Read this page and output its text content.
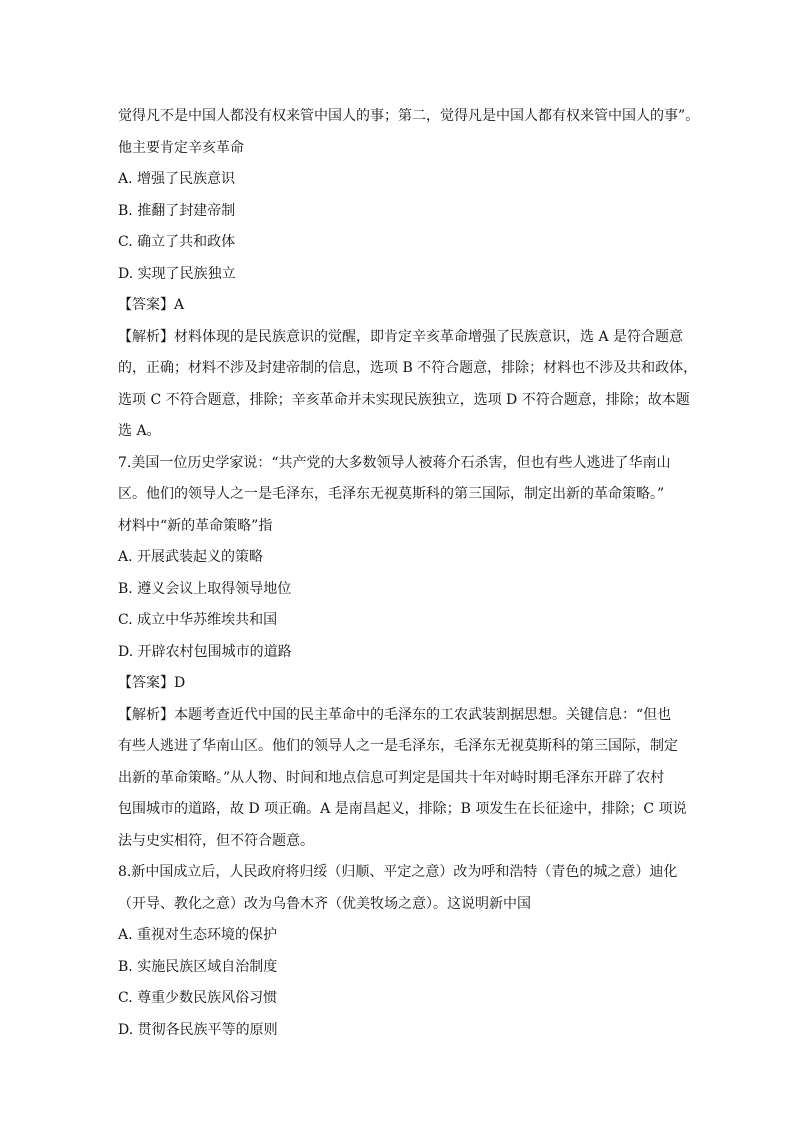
觉得凡不是中国人都没有权来管中国人的事；第二，觉得凡是中国人都有权来管中国人的事”。
他主要肯定辛亥革命
A. 增强了民族意识
B. 推翻了封建帝制
C. 确立了共和政体
D. 实现了民族独立
【答案】A
【解析】材料体现的是民族意识的觉醒，即肯定辛亥革命增强了民族意识，选 A 是符合题意
的，正确；材料不涉及封建帝制的信息，选项 B 不符合题意，排除；材料也不涉及共和政体，
选项 C 不符合题意，排除；辛亥革命并未实现民族独立，选项 D 不符合题意，排除；故本题
选 A。
7.美国一位历史学家说：“共产党的大多数领导人被蒋介石杀害，但也有些人逃进了华南山
区。他们的领导人之一是毛泽东，毛泽东无视莫斯科的第三国际，制定出新的革命策略。”
材料中“新的革命策略”指
A. 开展武装起义的策略
B. 遵义会议上取得领导地位
C. 成立中华苏维埃共和国
D. 开辟农村包围城市的道路
【答案】D
【解析】本题考查近代中国的民主革命中的毛泽东的工农武装割据思想。关键信息：“但也
有些人逃进了华南山区。他们的领导人之一是毛泽东，毛泽东无视莫斯科的第三国际，制定
出新的革命策略。”从人物、时间和地点信息可判定是国共十年对峙时期毛泽东开辟了农村
包围城市的道路，故 D 项正确。A 是南昌起义，排除；B 项发生在长征途中，排除；C 项说
法与史实相符，但不符合题意。
8.新中国成立后，人民政府将归绥（归顺、平定之意）改为呼和浩特（青色的城之意）迪化
（开导、教化之意）改为乌鲁木齐（优美牧场之意）。这说明新中国
A. 重视对生态环境的保护
B. 实施民族区域自治制度
C. 尊重少数民族风俗习惯
D. 贯彻各民族平等的原则
